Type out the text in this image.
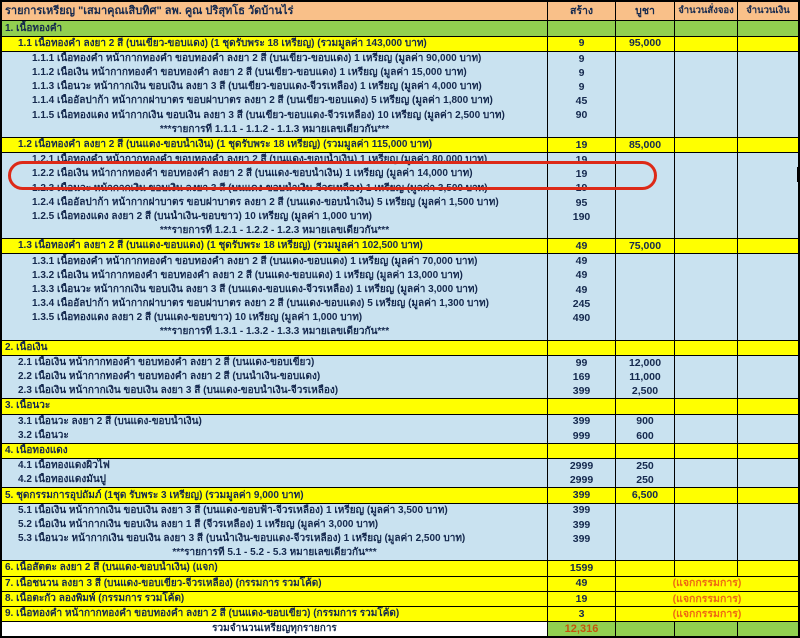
รายการเหรียญ "เสมาคุณเสิบทิศ" ลพ. คูณ ปริสุทโธ วัดบ้านไร่	สร้าง	บูชา	จำนวนสั่งจอง	จำนวนเงิน
1. เนื้อทองคำ
1.1 เนื้อทองคำ ลงยา 2 สี (บนเขียว-ขอบแดง) (1 ชุดรับพระ 18 เหรียญ) (รวมมูลค่า 143,000 บาท)	9	95,000
1.1.1 เนื้อทองคำ หน้ากากทองคำ ขอบทองคำ ลงยา 2 สี (บนเขียว-ขอบแดง) 1 เหรียญ (มูลค่า 90,000 บาท)	9
1.1.2 เนื้อเงิน หน้ากากทองคำ ขอบทองคำ ลงยา 2 สี (บนเขียว-ขอบแดง) 1 เหรียญ (มูลค่า 15,000 บาท)	9
1.1.3 เนื้อนวะ หน้ากากเงิน ขอบเงิน ลงยา 3 สี (บนเขียว-ขอบแดง-จีวรเหลือง) 1 เหรียญ (มูลค่า 4,000 บาท)	9
1.1.4 เนื้ออัลปาก้า หน้ากากฝาบาตร ขอบฝาบาตร ลงยา 2 สี (บนเขียว-ขอบแดง) 5 เหรียญ (มูลค่า 1,800 บาท)	45
1.1.5 เนื้อทองแดง หน้ากากเงิน ขอบเงิน ลงยา 3 สี (บนเขียว-ขอบแดง-จีวรเหลือง) 10 เหรียญ (มูลค่า 2,500 บาท)	90
***รายการที่ 1.1.1 - 1.1.2 - 1.1.3 หมายเลขเดียวกัน***
1.2 เนื้อทองคำ ลงยา 2 สี (บนแดง-ขอบน้ำเงิน) (1 ชุดรับพระ 18 เหรียญ) (รวมมูลค่า 115,000 บาท)	19	85,000
1.2.1 เนื้อทองคำ หน้ากากทองคำ ขอบทองคำ ลงยา 2 สี (บนแดง-ขอบน้ำเงิน) 1 เหรียญ (มูลค่า 80,000 บาท)	19
1.2.2 เนื้อเงิน หน้ากากทองคำ ขอบทองคำ ลงยา 2 สี (บนแดง-ขอบน้ำเงิน) 1 เหรียญ (มูลค่า 14,000 บาท)	19
1.2.3 เนื้อนวะ หน้ากากเงิน ขอบเงิน ลงยา 3 สี (บนแดง-ขอบน้ำเงิน-จีวรเหลือง) 1 เหรียญ (มูลค่า 3,500 บาท)	19
1.2.4 เนื้ออัลปาก้า หน้ากากฝาบาตร ขอบฝาบาตร ลงยา 2 สี (บนแดง-ขอบน้ำเงิน) 5 เหรียญ (มูลค่า 1,500 บาท)	95
1.2.5 เนื้อทองแดง ลงยา 2 สี (บนน้ำเงิน-ขอบขาว) 10 เหรียญ (มูลค่า 1,000 บาท)	190
***รายการที่ 1.2.1 - 1.2.2 - 1.2.3 หมายเลขเดียวกัน***
1.3 เนื้อทองคำ ลงยา 2 สี (บนแดง-ขอบแดง) (1 ชุดรับพระ 18 เหรียญ) (รวมมูลค่า 102,500 บาท)	49	75,000
1.3.1 เนื้อทองคำ หน้ากากทองคำ ขอบทองคำ ลงยา 2 สี (บนแดง-ขอบแดง) 1 เหรียญ (มูลค่า 70,000 บาท)	49
1.3.2 เนื้อเงิน หน้ากากทองคำ ขอบทองคำ ลงยา 2 สี (บนแดง-ขอบแดง) 1 เหรียญ (มูลค่า 13,000 บาท)	49
1.3.3 เนื้อนวะ หน้ากากเงิน ขอบเงิน ลงยา 3 สี (บนแดง-ขอบแดง-จีวรเหลือง) 1 เหรียญ (มูลค่า 3,000 บาท)	49
1.3.4 เนื้ออัลปาก้า หน้ากากฝาบาตร ขอบฝาบาตร ลงยา 2 สี (บนแดง-ขอบแดง) 5 เหรียญ (มูลค่า 1,300 บาท)	245
1.3.5 เนื้อทองแดง ลงยา 2 สี (บนแดง-ขอบขาว) 10 เหรียญ (มูลค่า 1,000 บาท)	490
***รายการที่ 1.3.1 - 1.3.2 - 1.3.3 หมายเลขเดียวกัน***
2. เนื้อเงิน
2.1 เนื้อเงิน หน้ากากทองคำ ขอบทองคำ ลงยา 2 สี (บนแดง-ขอบเขียว)	99	12,000
2.2 เนื้อเงิน หน้ากากทองคำ ขอบทองคำ ลงยา 2 สี (บนน้ำเงิน-ขอบแดง)	169	11,000
2.3 เนื้อเงิน หน้ากากเงิน ขอบเงิน ลงยา 3 สี (บนแดง-ขอบน้ำเงิน-จีวรเหลือง)	399	2,500
3. เนื้อนวะ
3.1 เนื้อนวะ ลงยา 2 สี (บนแดง-ขอบน้ำเงิน)	399	900
3.2 เนื้อนวะ	999	600
4. เนื้อทองแดง
4.1 เนื้อทองแดงผิวไฟ	2999	250
4.2 เนื้อทองแดงมันปู	2999	250
5. ชุดกรรมการอุปถัมภ์ (1ชุด รับพระ 3 เหรียญ) (รวมมูลค่า 9,000 บาท)	399	6,500
5.1 เนื้อเงิน หน้ากากเงิน ขอบเงิน ลงยา 3 สี (บนแดง-ขอบฟ้า-จีวรเหลือง) 1 เหรียญ (มูลค่า 3,500 บาท)	399
5.2 เนื้อเงิน หน้ากากเงิน ขอบเงิน ลงยา 1 สี (จีวรเหลือง) 1 เหรียญ (มูลค่า 3,000 บาท)	399
5.3 เนื้อนวะ หน้ากากเงิน ขอบเงิน ลงยา 3 สี (บนน้ำเงิน-ขอบแดง-จีวรเหลือง) 1 เหรียญ (มูลค่า 2,500 บาท)	399
***รายการที่ 5.1 - 5.2 - 5.3 หมายเลขเดียวกัน***
6. เนื้อสัตตะ ลงยา 2 สี (บนแดง-ขอบน้ำเงิน) (แจก)	1599
7. เนื้อชนวน ลงยา 3 สี (บนแดง-ขอบเขียว-จีวรเหลือง) (กรรมการ รวมโค้ด)	49	(แจกกรรมการ)
8. เนื้อตะกั่ว ลองพิมพ์ (กรรมการ รวมโค้ด)	19	(แจกกรรมการ)
9. เนื้อทองคำ หน้ากากทองคำ ขอบทองคำ ลงยา 2 สี (บนแดง-ขอบเขียว) (กรรมการ รวมโค้ด)	3	(แจกกรรมการ)
รวมจำนวนเหรียญทุกรายการ	12,316
